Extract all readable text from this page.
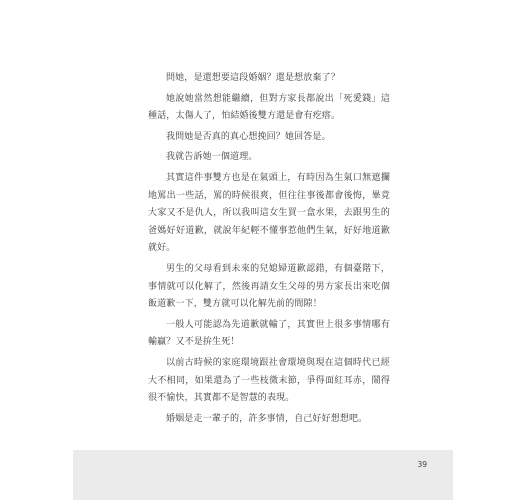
問她，是還想要這段婚姻？還是想放棄了？

她說她當然想能繼續，但對方家長都說出「死愛錢」這種話，太傷人了，怕結婚後雙方還是會有疙瘩。

我問她是否真的真心想挽回？她回答是。

我就告訴她一個道理。

其實這件事雙方也是在氣頭上，有時因為生氣口無遮攔地罵出一些話，罵的時候很爽，但往往事後都會後悔，畢竟大家又不是仇人，所以我叫這女生買一盒水果，去跟男生的爸媽好好道歉，就說年紀輕不懂事惹他們生氣，好好地道歉就好。

男生的父母看到未來的兒媳婦道歉認錯，有個臺階下，事情就可以化解了，然後再請女生父母的男方家長出來吃個飯道歉一下，雙方就可以化解先前的間隙！

一般人可能認為先道歉就輸了，其實世上很多事情哪有輸贏？又不是拚生死！

以前古時候的家庭環境跟社會環境與現在這個時代已經大不相同，如果還為了一些枝微末節，爭得面紅耳赤，鬧得很不愉快，其實都不是智慧的表現。

婚姻是走一輩子的，許多事情，自己好好想想吧。

39
